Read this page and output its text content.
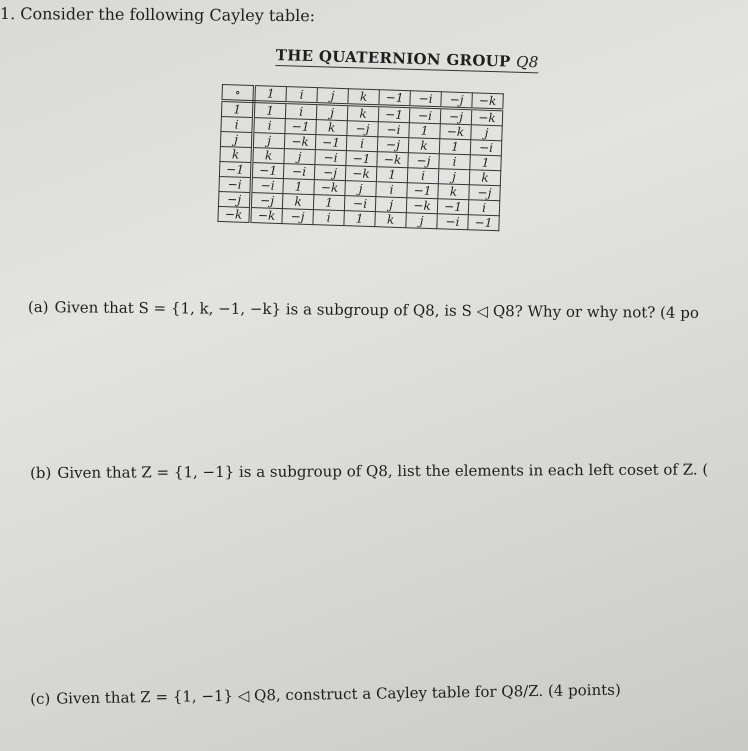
1. Consider the following Cayley table:
THE QUATERNION GROUP Q8
∘	1	i	j	k	−1	−i	−j	−k
1	1	i	j	k	−1	−i	−j	−k
i	i	−1	k	−j	−i	1	−k	j
j	j	−k	−1	i	−j	k	1	−i
k	k	j	−i	−1	−k	−j	i	1
−1	−1	−i	−j	−k	1	i	j	k
−i	−i	1	−k	j	i	−1	k	−j
−j	−j	k	1	−i	j	−k	−1	i
−k	−k	−j	i	1	k	j	−i	−1
(a) Given that S = {1, k, −1, −k} is a subgroup of Q8, is S ◁ Q8? Why or why not? (4 po
(b) Given that Z = {1, −1} is a subgroup of Q8, list the elements in each left coset of Z. (
(c) Given that Z = {1, −1} ◁ Q8, construct a Cayley table for Q8/Z. (4 points)
